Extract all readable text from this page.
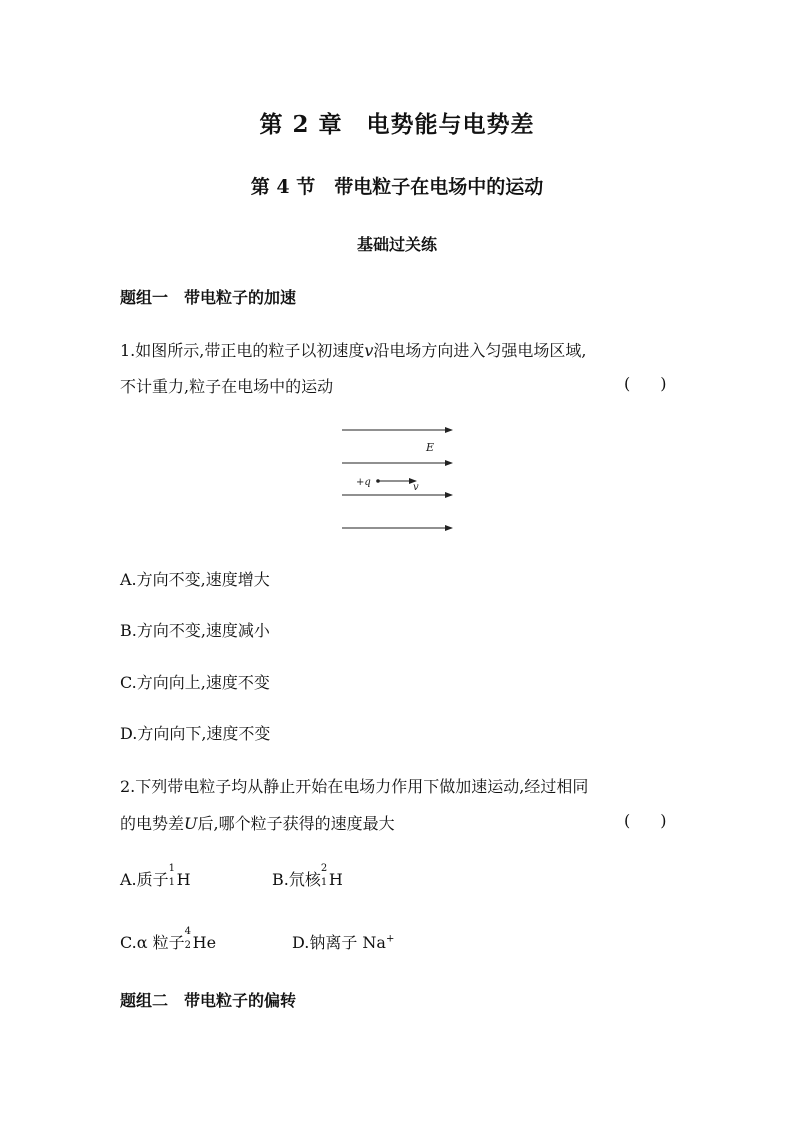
第 2 章　电势能与电势差
第 4 节　带电粒子在电场中的运动
基础过关练
题组一　带电粒子的加速
1.如图所示,带正电的粒子以初速度v沿电场方向进入匀强电场区域,
不计重力,粒子在电场中的运动	( )
E
+q	v
A.方向不变,速度增大
B.方向不变,速度减小
C.方向向上,速度不变
D.方向向下,速度不变
2.下列带电粒子均从静止开始在电场力作用下做加速运动,经过相同
的电势差U后,哪个粒子获得的速度最大	( )
A.质子
1
1 H	B.氘核
2
1 H
C.α 粒子
4
2 He	D.钠离子 Na+
题组二　带电粒子的偏转
